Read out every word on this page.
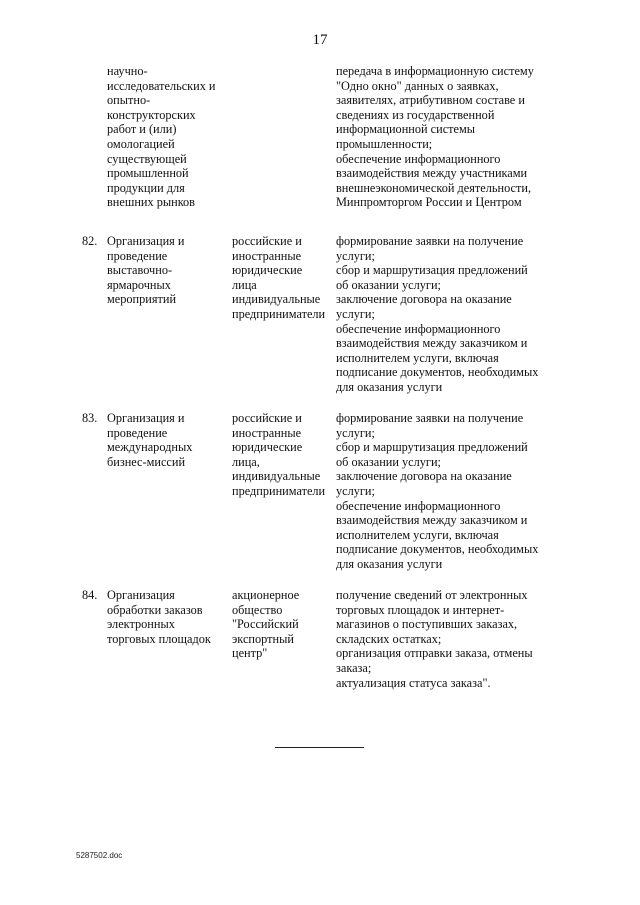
17
научно-
исследовательских и
опытно-
конструкторских
работ и (или)
омологацией
существующей
промышленной
продукции для
внешних рынков
передача в информационную систему
"Одно окно" данных о заявках,
заявителях, атрибутивном составе и
сведениях из государственной
информационной системы
промышленности;
обеспечение информационного
взаимодействия между участниками
внешнеэкономической деятельности,
Минпромторгом России и Центром
82. Организация и
проведение
выставочно-
ярмарочных
мероприятий
российские и
иностранные
юридические
лица
индивидуальные
предприниматели
формирование заявки на получение
услуги;
сбор и маршрутизация предложений
об оказании услуги;
заключение договора на оказание
услуги;
обеспечение информационного
взаимодействия между заказчиком и
исполнителем услуги, включая
подписание документов, необходимых
для оказания услуги
83. Организация и
проведение
международных
бизнес-миссий
российские и
иностранные
юридические
лица,
индивидуальные
предприниматели
формирование заявки на получение
услуги;
сбор и маршрутизация предложений
об оказании услуги;
заключение договора на оказание
услуги;
обеспечение информационного
взаимодействия между заказчиком и
исполнителем услуги, включая
подписание документов, необходимых
для оказания услуги
84. Организация
обработки заказов
электронных
торговых площадок
акционерное
общество
"Российский
экспортный
центр"
получение сведений от электронных
торговых площадок и интернет-
магазинов о поступивших заказах,
складских остатках;
организация отправки заказа, отмены
заказа;
актуализация статуса заказа".
5287502.doc
